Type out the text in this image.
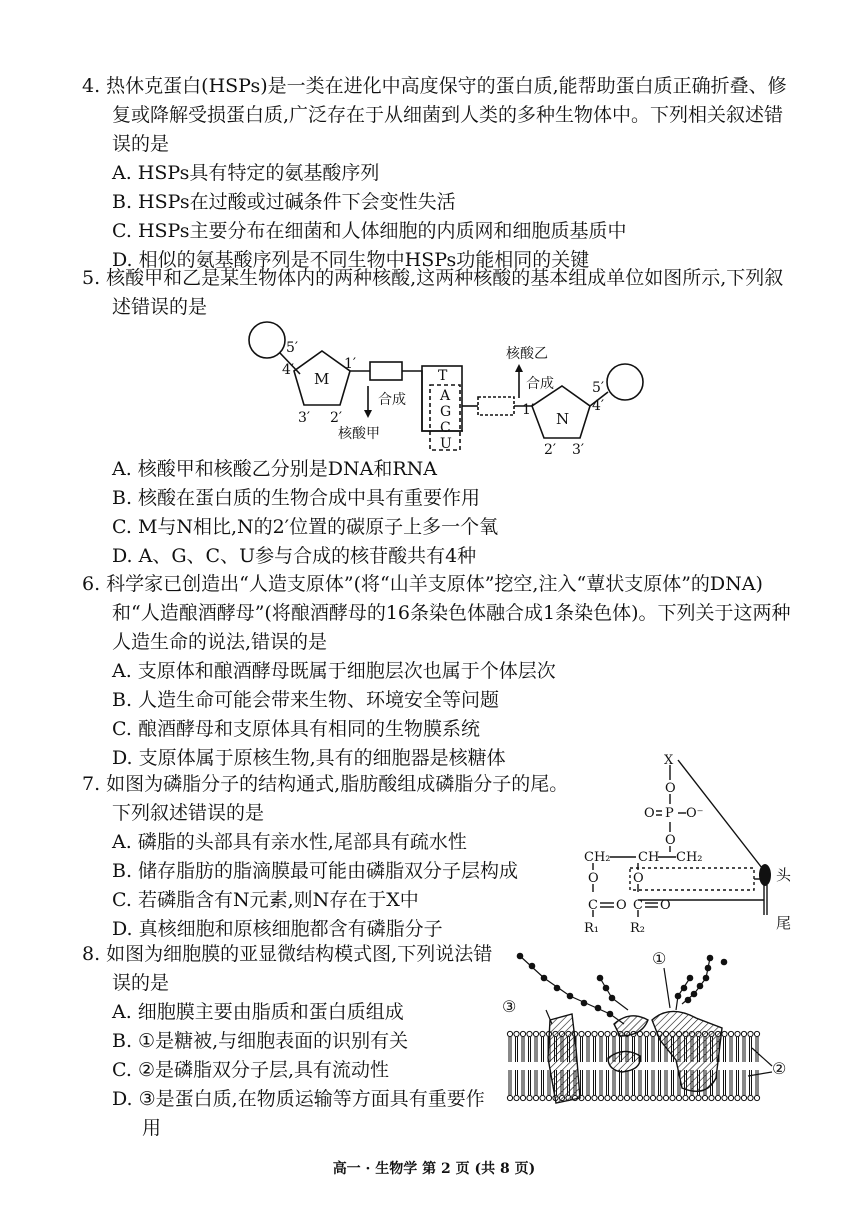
4. 热休克蛋白(HSPs)是一类在进化中高度保守的蛋白质,能帮助蛋白质正确折叠、修复或降解受损蛋白质,广泛存在于从细菌到人类的多种生物体中。下列相关叙述错误的是
A. HSPs具有特定的氨基酸序列
B. HSPs在过酸或过碱条件下会变性失活
C. HSPs主要分布在细菌和人体细胞的内质网和细胞质基质中
D. 相似的氨基酸序列是不同生物中HSPs功能相同的关键
5. 核酸甲和乙是某生物体内的两种核酸,这两种核酸的基本组成单位如图所示,下列叙述错误的是
5′
4′	1′
3′ 2′
M
合成
核酸甲
T
A
G
C
U
核酸乙
合成
1′ N
5′
4′
2′ 3′
A. 核酸甲和核酸乙分别是DNA和RNA
B. 核酸在蛋白质的生物合成中具有重要作用
C. M与N相比,N的2′位置的碳原子上多一个氧
D. A、G、C、U参与合成的核苷酸共有4种
6. 科学家已创造出“人造支原体”(将“山羊支原体”挖空,注入“蕈状支原体”的DNA)和“人造酿酒酵母”(将酿酒酵母的16条染色体融合成1条染色体)。下列关于这两种人造生命的说法,错误的是
A. 支原体和酿酒酵母既属于细胞层次也属于个体层次
B. 人造生命可能会带来生物、环境安全等问题
C. 酿酒酵母和支原体具有相同的生物膜系统
D. 支原体属于原核生物,具有的细胞器是核糖体
7. 如图为磷脂分子的结构通式,脂肪酸组成磷脂分子的尾。下列叙述错误的是
A. 磷脂的头部具有亲水性,尾部具有疏水性
B. 储存脂肪的脂滴膜最可能由磷脂双分子层构成
C. 若磷脂含有N元素,则N存在于X中
D. 真核细胞和原核细胞都含有磷脂分子
X
O
O P O⁻
O
CH₂ CH CH₂
O	O
C O C O
R₁ R₂
头
尾
8. 如图为细胞膜的亚显微结构模式图,下列说法错误的是
A. 细胞膜主要由脂质和蛋白质组成
B. ①是糖被,与细胞表面的识别有关
C. ②是磷脂双分子层,具有流动性
D. ③是蛋白质,在物质运输等方面具有重要作用
①
②
③
高一 · 生物学 第 2 页 (共 8 页)
